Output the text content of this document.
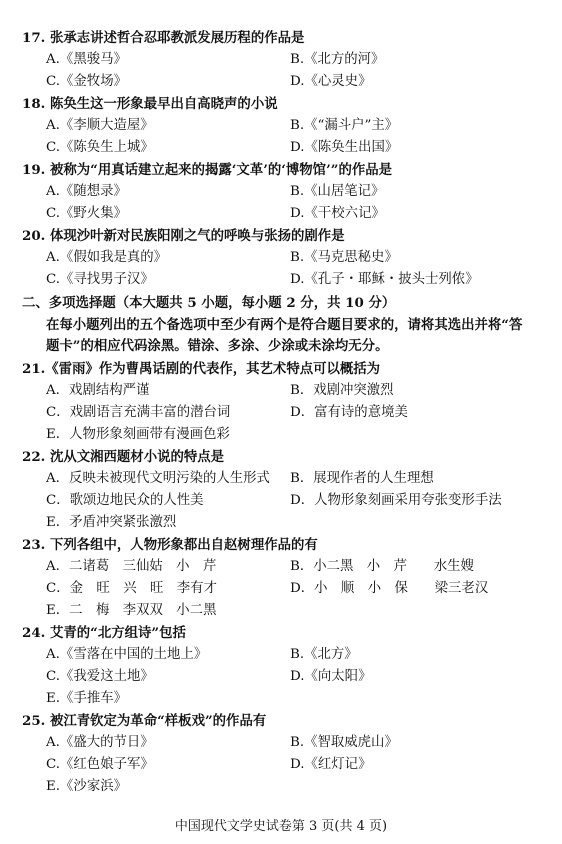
17. 张承志讲述哲合忍耶教派发展历程的作品是
A.《黑骏马》	B.《北方的河》
C.《金牧场》	D.《心灵史》
18. 陈奂生这一形象最早出自高晓声的小说
A.《李顺大造屋》	B.《“漏斗户”主》
C.《陈奂生上城》	D.《陈奂生出国》
19. 被称为“用真话建立起来的揭露‘文革’的‘博物馆’”的作品是
A.《随想录》	B.《山居笔记》
C.《野火集》	D.《干校六记》
20. 体现沙叶新对民族阳刚之气的呼唤与张扬的剧作是
A.《假如我是真的》	B.《马克思秘史》
C.《寻找男子汉》	D.《孔子・耶稣・披头士列侬》
二、多项选择题（本大题共 5 小题，每小题 2 分，共 10 分）
在每小题列出的五个备选项中至少有两个是符合题目要求的，请将其选出并将“答
题卡”的相应代码涂黑。错涂、多涂、少涂或未涂均无分。
21.《雷雨》作为曹禺话剧的代表作，其艺术特点可以概括为
A．戏剧结构严谨	B．戏剧冲突激烈
C．戏剧语言充满丰富的潜台词	D．富有诗的意境美
E．人物形象刻画带有漫画色彩
22. 沈从文湘西题材小说的特点是
A．反映未被现代文明污染的人生形式 B．展现作者的人生理想
C．歌颂边地民众的人性美	D．人物形象刻画采用夸张变形手法
E．矛盾冲突紧张激烈
23. 下列各组中，人物形象都出自赵树理作品的有
A．二诸葛　三仙姑　小　芹	B．小二黑　小　芹　　水生嫂
C．金　旺　兴　旺　李有才	D．小　顺　小　保　　梁三老汉
E．二　梅　李双双　小二黑
24. 艾青的“北方组诗”包括
A.《雪落在中国的土地上》	B.《北方》
C.《我爱这土地》	D.《向太阳》
E.《手推车》
25. 被江青钦定为革命“样板戏”的作品有
A.《盛大的节日》	B.《智取威虎山》
C.《红色娘子军》	D.《红灯记》
E.《沙家浜》
中国现代文学史试卷第 3 页(共 4 页)
